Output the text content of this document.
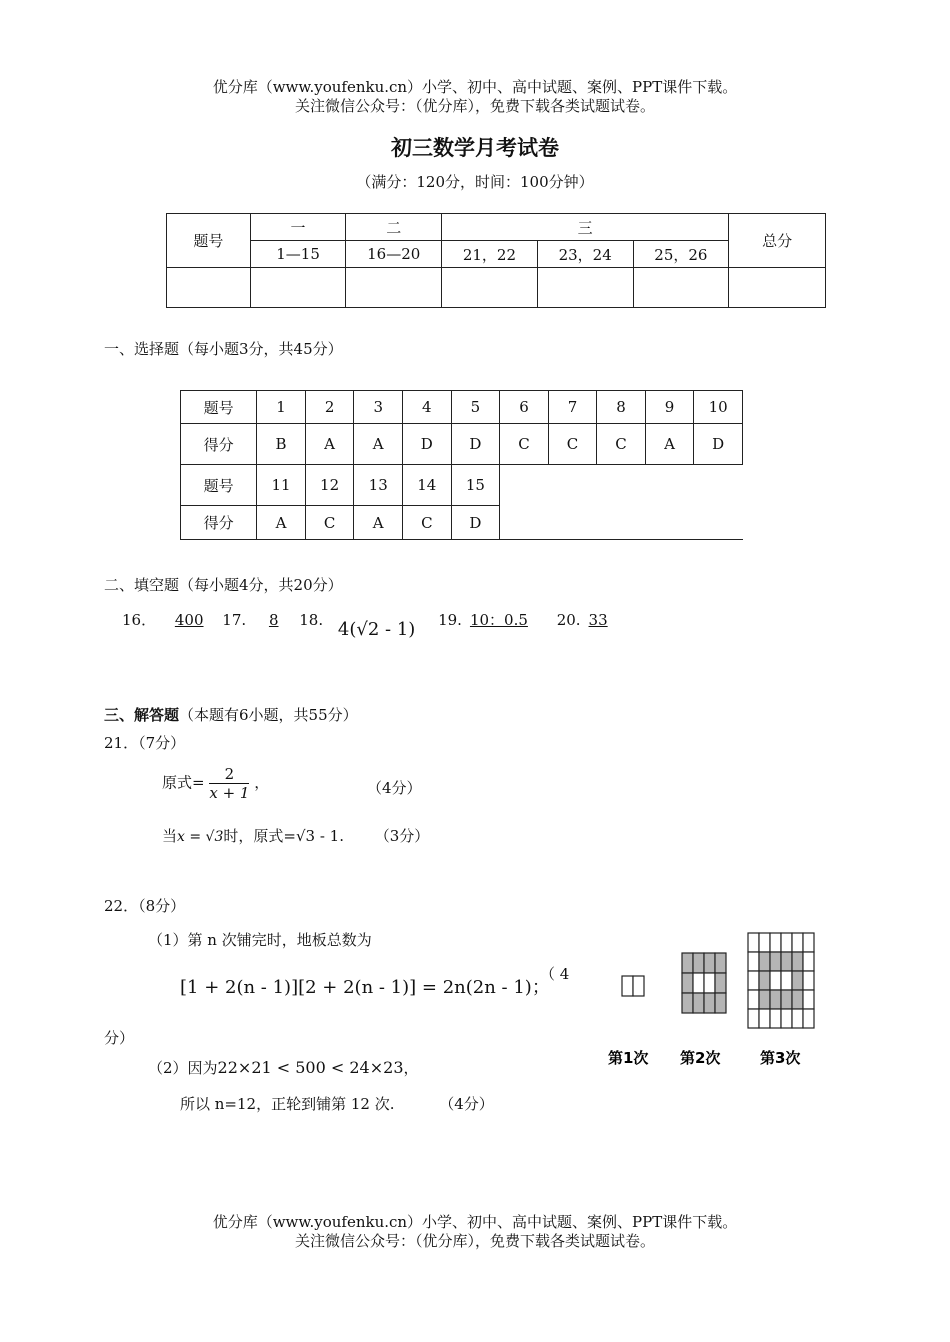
优分库（www.youfenku.cn）小学、初中、高中试题、案例、PPT课件下载。
关注微信公众号：（优分库），免费下载各类试题试卷。
初三数学月考试卷
（满分：120分，时间：100分钟）
题号	一	二	三			总分
	1—15	16—20	21，22	23，24	25，26	

一、选择题（每小题3分，共45分）
题号	1	2	3	4	5	6	7	8	9	10
得分	B	A	A	D	D	C	C	C	A	D
题号	11	12	13	14	15					
得分	A	C	A	C	D					
二、填空题（每小题4分，共20分）
16． 400 17. 8 18. 4(√2 - 1) 19. 10：0.5 20. 33
三、解答题（本题有6小题，共55分）
21．（7分）
原式= $\frac{2}{x + 1}$ ，	（4分）
当x = √3时，原式=√3 - 1. （3分）
22．（8分）
（1）第 n 次铺完时，地板总数为
[1 + 2(n - 1)][2 + 2(n - 1)] = 2n(2n - 1)；
（ 4
分）
（2）因为22×21 < 500 < 24×23，
所以 n=12，正轮到铺第 12 次.	（4分）
第1次 第2次	第3次
优分库（www.youfenku.cn）小学、初中、高中试题、案例、PPT课件下载。
关注微信公众号：（优分库），免费下载各类试题试卷。
